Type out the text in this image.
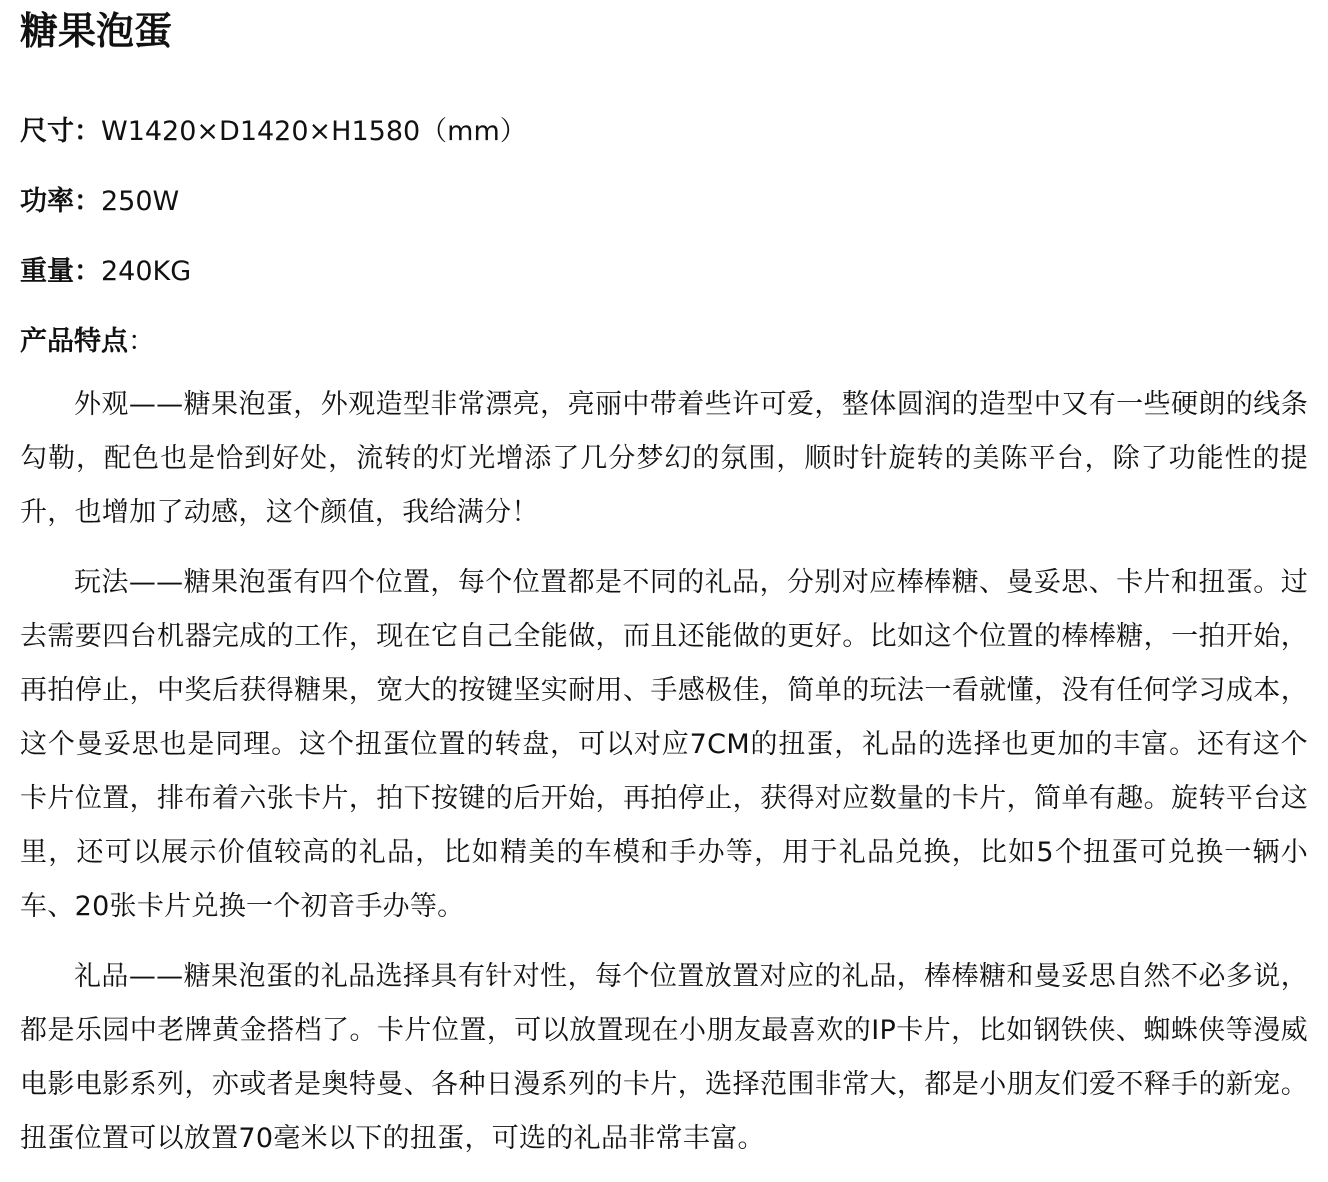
糖果泡蛋
尺寸：W1420×D1420×H1580（mm）
功率：250W
重量：240KG
产品特点：

外观——糖果泡蛋，外观造型非常漂亮，亮丽中带着些许可爱，整体圆润的造型中又有一些硬朗的线条勾勒，配色也是恰到好处，流转的灯光增添了几分梦幻的氛围，顺时针旋转的美陈平台，除了功能性的提升，也增加了动感，这个颜值，我给满分！

玩法——糖果泡蛋有四个位置，每个位置都是不同的礼品，分别对应棒棒糖、曼妥思、卡片和扭蛋。过去需要四台机器完成的工作，现在它自己全能做，而且还能做的更好。比如这个位置的棒棒糖，一拍开始，再拍停止，中奖后获得糖果，宽大的按键坚实耐用、手感极佳，简单的玩法一看就懂，没有任何学习成本，这个曼妥思也是同理。这个扭蛋位置的转盘，可以对应7CM的扭蛋，礼品的选择也更加的丰富。还有这个卡片位置，排布着六张卡片，拍下按键的后开始，再拍停止，获得对应数量的卡片，简单有趣。旋转平台这里，还可以展示价值较高的礼品，比如精美的车模和手办等，用于礼品兑换，比如5个扭蛋可兑换一辆小车、20张卡片兑换一个初音手办等。

礼品——糖果泡蛋的礼品选择具有针对性，每个位置放置对应的礼品，棒棒糖和曼妥思自然不必多说，都是乐园中老牌黄金搭档了。卡片位置，可以放置现在小朋友最喜欢的IP卡片，比如钢铁侠、蜘蛛侠等漫威电影电影系列，亦或者是奥特曼、各种日漫系列的卡片，选择范围非常大，都是小朋友们爱不释手的新宠。扭蛋位置可以放置70毫米以下的扭蛋，可选的礼品非常丰富。
